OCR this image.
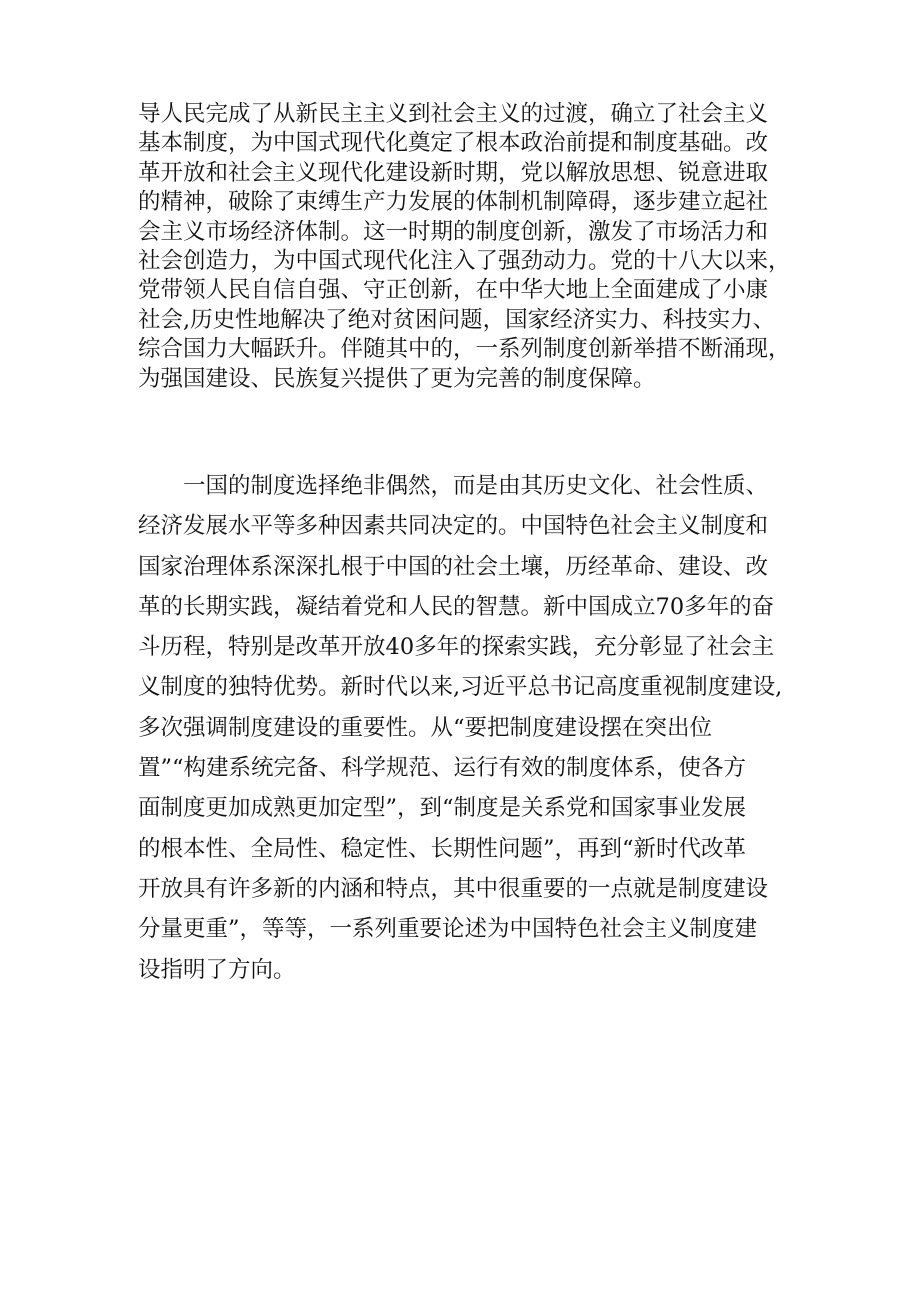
导人民完成了从新民主主义到社会主义的过渡，确立了社会主义
基本制度，为中国式现代化奠定了根本政治前提和制度基础。改
革开放和社会主义现代化建设新时期，党以解放思想、锐意进取
的精神，破除了束缚生产力发展的体制机制障碍，逐步建立起社
会主义市场经济体制。这一时期的制度创新，激发了市场活力和
社会创造力，为中国式现代化注入了强劲动力。党的十八大以来，
党带领人民自信自强、守正创新，在中华大地上全面建成了小康
社会,历史性地解决了绝对贫困问题，国家经济实力、科技实力、
综合国力大幅跃升。伴随其中的，一系列制度创新举措不断涌现，
为强国建设、民族复兴提供了更为完善的制度保障。
　　一国的制度选择绝非偶然，而是由其历史文化、社会性质、
经济发展水平等多种因素共同决定的。中国特色社会主义制度和
国家治理体系深深扎根于中国的社会土壤，历经革命、建设、改
革的长期实践，凝结着党和人民的智慧。新中国成立70多年的奋
斗历程，特别是改革开放40多年的探索实践，充分彰显了社会主
义制度的独特优势。新时代以来,习近平总书记高度重视制度建设,
多次强调制度建设的重要性。从“要把制度建设摆在突出位
置”“构建系统完备、科学规范、运行有效的制度体系，使各方
面制度更加成熟更加定型”，到“制度是关系党和国家事业发展
的根本性、全局性、稳定性、长期性问题”，再到“新时代改革
开放具有许多新的内涵和特点，其中很重要的一点就是制度建设
分量更重”，等等，一系列重要论述为中国特色社会主义制度建
设指明了方向。
